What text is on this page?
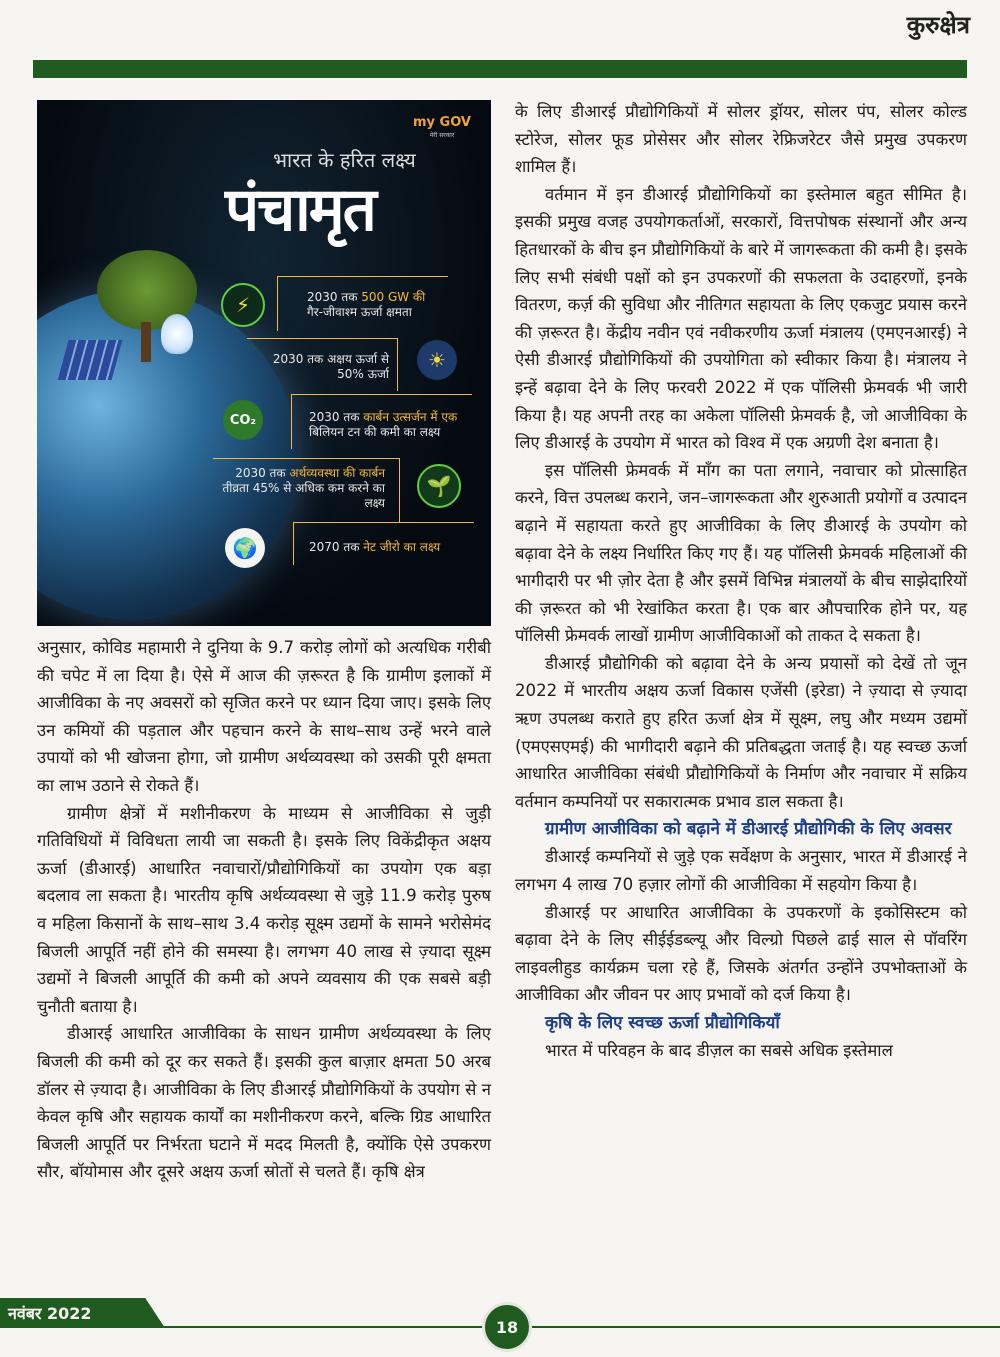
कुरुक्षेत्र
my GOV
मेरी सरकार
भारत के हरित लक्ष्य
पंचामृत
⚡	2030 तक 500 GW की
गैर-जीवाश्म ऊर्जा क्षमता
2030 तक अक्षय ऊर्जा से
50% ऊर्जा
☀
CO₂	2030 तक कार्बन उत्सर्जन में एक
बिलियन टन की कमी का लक्ष्य
2030 तक अर्थव्यवस्था की कार्बन
तीव्रता 45% से अधिक कम करने का लक्ष्य
🌱
🌍	2070 तक नेट जीरो का लक्ष्य

अनुसार, कोविड महामारी ने दुनिया के 9.7 करोड़ लोगों को अत्यधिक गरीबी की चपेट में ला दिया है। ऐसे में आज की ज़रूरत है कि ग्रामीण इलाकों में आजीविका के नए अवसरों को सृजित करने पर ध्यान दिया जाए। इसके लिए उन कमियों की पड़ताल और पहचान करने के साथ–साथ उन्हें भरने वाले उपायों को भी खोजना होगा, जो ग्रामीण अर्थव्यवस्था को उसकी पूरी क्षमता का लाभ उठाने से रोकते हैं।

ग्रामीण क्षेत्रों में मशीनीकरण के माध्यम से आजीविका से जुड़ी गतिविधियों में विविधता लायी जा सकती है। इसके लिए विकेंद्रीकृत अक्षय ऊर्जा (डीआरई) आधारित नवाचारों/प्रौद्योगिकियों का उपयोग एक बड़ा बदलाव ला सकता है। भारतीय कृषि अर्थव्यवस्था से जुड़े 11.9 करोड़ पुरुष व महिला किसानों के साथ–साथ 3.4 करोड़ सूक्ष्म उद्यमों के सामने भरोसेमंद बिजली आपूर्ति नहीं होने की समस्या है। लगभग 40 लाख से ज़्यादा सूक्ष्म उद्यमों ने बिजली आपूर्ति की कमी को अपने व्यवसाय की एक सबसे बड़ी चुनौती बताया है।

डीआरई आधारित आजीविका के साधन ग्रामीण अर्थव्यवस्था के लिए बिजली की कमी को दूर कर सकते हैं। इसकी कुल बाज़ार क्षमता 50 अरब डॉलर से ज़्यादा है। आजीविका के लिए डीआरई प्रौद्योगिकियों के उपयोग से न केवल कृषि और सहायक कार्यों का मशीनीकरण करने, बल्कि ग्रिड आधारित बिजली आपूर्ति पर निर्भरता घटाने में मदद मिलती है, क्योंकि ऐसे उपकरण सौर, बॉयोमास और दूसरे अक्षय ऊर्जा स्रोतों से चलते हैं। कृषि क्षेत्र

के लिए डीआरई प्रौद्योगिकियों में सोलर ड्रॉयर, सोलर पंप, सोलर कोल्ड स्टोरेज, सोलर फूड प्रोसेसर और सोलर रेफ्रिजरेटर जैसे प्रमुख उपकरण शामिल हैं।

वर्तमान में इन डीआरई प्रौद्योगिकियों का इस्तेमाल बहुत सीमित है। इसकी प्रमुख वजह उपयोगकर्ताओं, सरकारों, वित्तपोषक संस्थानों और अन्य हितधारकों के बीच इन प्रौद्योगिकियों के बारे में जागरूकता की कमी है। इसके लिए सभी संबंधी पक्षों को इन उपकरणों की सफलता के उदाहरणों, इनके वितरण, कर्ज़ की सुविधा और नीतिगत सहायता के लिए एकजुट प्रयास करने की ज़रूरत है। केंद्रीय नवीन एवं नवीकरणीय ऊर्जा मंत्रालय (एमएनआरई) ने ऐसी डीआरई प्रौद्योगिकियों की उपयोगिता को स्वीकार किया है। मंत्रालय ने इन्हें बढ़ावा देने के लिए फरवरी 2022 में एक पॉलिसी फ्रेमवर्क भी जारी किया है। यह अपनी तरह का अकेला पॉलिसी फ्रेमवर्क है, जो आजीविका के लिए डीआरई के उपयोग में भारत को विश्व में एक अग्रणी देश बनाता है।

इस पॉलिसी फ्रेमवर्क में माँग का पता लगाने, नवाचार को प्रोत्साहित करने, वित्त उपलब्ध कराने, जन–जागरूकता और शुरुआती प्रयोगों व उत्पादन बढ़ाने में सहायता करते हुए आजीविका के लिए डीआरई के उपयोग को बढ़ावा देने के लक्ष्य निर्धारित किए गए हैं। यह पॉलिसी फ्रेमवर्क महिलाओं की भागीदारी पर भी ज़ोर देता है और इसमें विभिन्न मंत्रालयों के बीच साझेदारियों की ज़रूरत को भी रेखांकित करता है। एक बार औपचारिक होने पर, यह पॉलिसी फ्रेमवर्क लाखों ग्रामीण आजीविकाओं को ताकत दे सकता है।

डीआरई प्रौद्योगिकी को बढ़ावा देने के अन्य प्रयासों को देखें तो जून 2022 में भारतीय अक्षय ऊर्जा विकास एजेंसी (इरेडा) ने ज़्यादा से ज़्यादा ऋण उपलब्ध कराते हुए हरित ऊर्जा क्षेत्र में सूक्ष्म, लघु और मध्यम उद्यमों (एमएसएमई) की भागीदारी बढ़ाने की प्रतिबद्धता जताई है। यह स्वच्छ ऊर्जा आधारित आजीविका संबंधी प्रौद्योगिकियों के निर्माण और नवाचार में सक्रिय वर्तमान कम्पनियों पर सकारात्मक प्रभाव डाल सकता है।

ग्रामीण आजीविका को बढ़ाने में डीआरई प्रौद्योगिकी के लिए अवसर

डीआरई कम्पनियों से जुड़े एक सर्वेक्षण के अनुसार, भारत में डीआरई ने लगभग 4 लाख 70 हज़ार लोगों की आजीविका में सहयोग किया है।

डीआरई पर आधारित आजीविका के उपकरणों के इकोसिस्टम को बढ़ावा देने के लिए सीईईडब्ल्यू और विल्ग्रो पिछले ढाई साल से पॉवरिंग लाइवलीहुड कार्यक्रम चला रहे हैं, जिसके अंतर्गत उन्होंने उपभोक्ताओं के आजीविका और जीवन पर आए प्रभावों को दर्ज किया है।

कृषि के लिए स्वच्छ ऊर्जा प्रौद्योगिकियाँ

भारत में परिवहन के बाद डीज़ल का सबसे अधिक इस्तेमाल

नवंबर 2022
18
